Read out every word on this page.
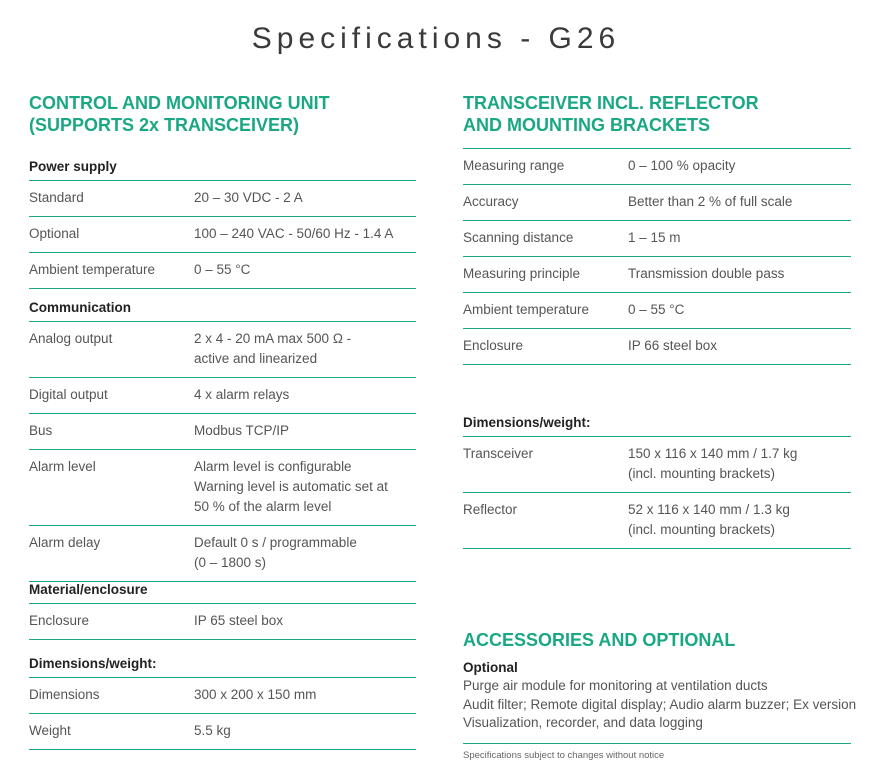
Specifications - G26
CONTROL AND MONITORING UNIT
(SUPPORTS 2x TRANSCEIVER)
Power supply
Standard	20 – 30 VDC - 2 A

Optional	100 – 240 VAC - 50/60 Hz - 1.4 A

Ambient temperature	0 – 55 °C
Communication
Analog output	2 x 4 - 20 mA max 500 Ω -
active and linearized

Digital output	4 x alarm relays

Bus	Modbus TCP/IP

Alarm level	Alarm level is configurable
Warning level is automatic set at
50 % of the alarm level

Alarm delay	Default 0 s / programmable
(0 – 1800 s)
Material/enclosure
Enclosure	IP 65 steel box
Dimensions/weight:
Dimensions	300 x 200 x 150 mm

Weight	5.5 kg
TRANSCEIVER INCL. REFLECTOR
AND MOUNTING BRACKETS
Measuring range	0 – 100 % opacity

Accuracy	Better than 2 % of full scale

Scanning distance	1 – 15 m

Measuring principle	Transmission double pass

Ambient temperature	0 – 55 °C

Enclosure	IP 66 steel box
Dimensions/weight:
Transceiver	150 x 116 x 140 mm / 1.7 kg
(incl. mounting brackets)

Reflector	52 x 116 x 140 mm / 1.3 kg
(incl. mounting brackets)
ACCESSORIES AND OPTIONAL
Optional
Purge air module for monitoring at ventilation ducts
Audit filter; Remote digital display; Audio alarm buzzer; Ex version
Visualization, recorder, and data logging
Specifications subject to changes without notice
